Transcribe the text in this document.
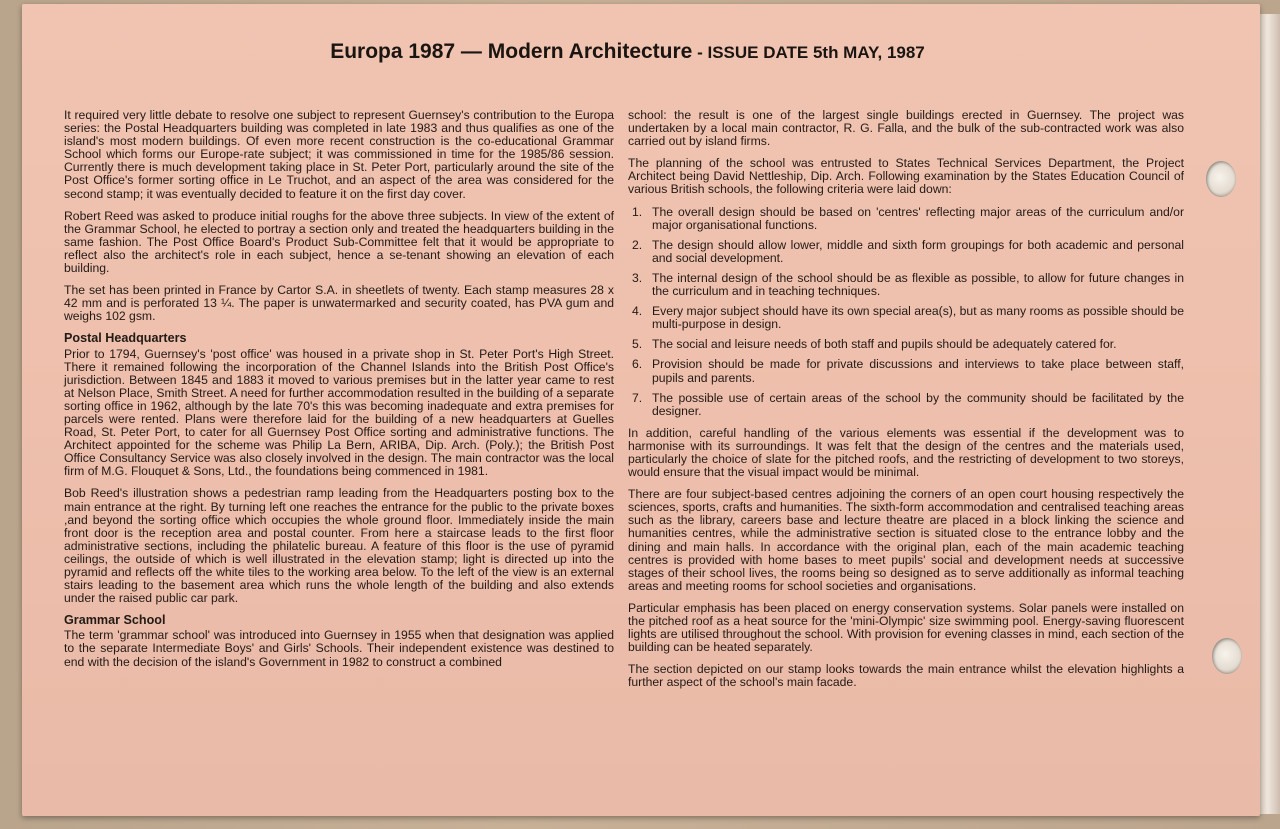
Europa 1987 — Modern Architecture - ISSUE DATE 5th MAY, 1987

It required very little debate to resolve one subject to represent Guernsey's contribution to the Europa series: the Postal Headquarters building was completed in late 1983 and thus qualifies as one of the island's most modern buildings. Of even more recent construction is the co-educational Grammar School which forms our Europe-rate subject; it was commissioned in time for the 1985/86 session. Currently there is much development taking place in St. Peter Port, particularly around the site of the Post Office's former sorting office in Le Truchot, and an aspect of the area was considered for the second stamp; it was eventually decided to feature it on the first day cover.

Robert Reed was asked to produce initial roughs for the above three subjects. In view of the extent of the Grammar School, he elected to portray a section only and treated the headquarters building in the same fashion. The Post Office Board's Product Sub-Committee felt that it would be appropriate to reflect also the architect's role in each subject, hence a se-tenant showing an elevation of each building.

The set has been printed in France by Cartor S.A. in sheetlets of twenty. Each stamp measures 28 x 42 mm and is perforated 13 ¼. The paper is unwatermarked and security coated, has PVA gum and weighs 102 gsm.

Postal Headquarters

Prior to 1794, Guernsey's 'post office' was housed in a private shop in St. Peter Port's High Street. There it remained following the incorporation of the Channel Islands into the British Post Office's jurisdiction. Between 1845 and 1883 it moved to various premises but in the latter year came to rest at Nelson Place, Smith Street. A need for further accommodation resulted in the building of a separate sorting office in 1962, although by the late 70's this was becoming inadequate and extra premises for parcels were rented. Plans were therefore laid for the building of a new headquarters at Guelles Road, St. Peter Port, to cater for all Guernsey Post Office sorting and administrative functions. The Architect appointed for the scheme was Philip La Bern, ARIBA, Dip. Arch. (Poly.); the British Post Office Consultancy Service was also closely involved in the design. The main contractor was the local firm of M.G. Flouquet & Sons, Ltd., the foundations being commenced in 1981.

Bob Reed's illustration shows a pedestrian ramp leading from the Headquarters posting box to the main entrance at the right. By turning left one reaches the entrance for the public to the private boxes ,and beyond the sorting office which occupies the whole ground floor. Immediately inside the main front door is the reception area and postal counter. From here a staircase leads to the first floor administrative sections, including the philatelic bureau. A feature of this floor is the use of pyramid ceilings, the outside of which is well illustrated in the elevation stamp; light is directed up into the pyramid and reflects off the white tiles to the working area below. To the left of the view is an external stairs leading to the basement area which runs the whole length of the building and also extends under the raised public car park.

Grammar School

The term 'grammar school' was introduced into Guernsey in 1955 when that designation was applied to the separate Intermediate Boys' and Girls' Schools. Their independent existence was destined to end with the decision of the island's Government in 1982 to construct a combined

school: the result is one of the largest single buildings erected in Guernsey. The project was undertaken by a local main contractor, R. G. Falla, and the bulk of the sub-contracted work was also carried out by island firms.

The planning of the school was entrusted to States Technical Services Department, the Project Architect being David Nettleship, Dip. Arch. Following examination by the States Education Council of various British schools, the following criteria were laid down:

1. The overall design should be based on 'centres' reflecting major areas of the curriculum and/or major organisational functions.
2. The design should allow lower, middle and sixth form groupings for both academic and personal and social development.
3. The internal design of the school should be as flexible as possible, to allow for future changes in the curriculum and in teaching techniques.
4. Every major subject should have its own special area(s), but as many rooms as possible should be multi-purpose in design.
5. The social and leisure needs of both staff and pupils should be adequately catered for.
6. Provision should be made for private discussions and interviews to take place between staff, pupils and parents.
7. The possible use of certain areas of the school by the community should be facilitated by the designer.

In addition, careful handling of the various elements was essential if the development was to harmonise with its surroundings. It was felt that the design of the centres and the materials used, particularly the choice of slate for the pitched roofs, and the restricting of development to two storeys, would ensure that the visual impact would be minimal.

There are four subject-based centres adjoining the corners of an open court housing respectively the sciences, sports, crafts and humanities. The sixth-form accommodation and centralised teaching areas such as the library, careers base and lecture theatre are placed in a block linking the science and humanities centres, while the administrative section is situated close to the entrance lobby and the dining and main halls. In accordance with the original plan, each of the main academic teaching centres is provided with home bases to meet pupils' social and development needs at successive stages of their school lives, the rooms being so designed as to serve additionally as informal teaching areas and meeting rooms for school societies and organisations.

Particular emphasis has been placed on energy conservation systems. Solar panels were installed on the pitched roof as a heat source for the 'mini-Olympic' size swimming pool. Energy-saving fluorescent lights are utilised throughout the school. With provision for evening classes in mind, each section of the building can be heated separately.

The section depicted on our stamp looks towards the main entrance whilst the elevation highlights a further aspect of the school's main facade.
